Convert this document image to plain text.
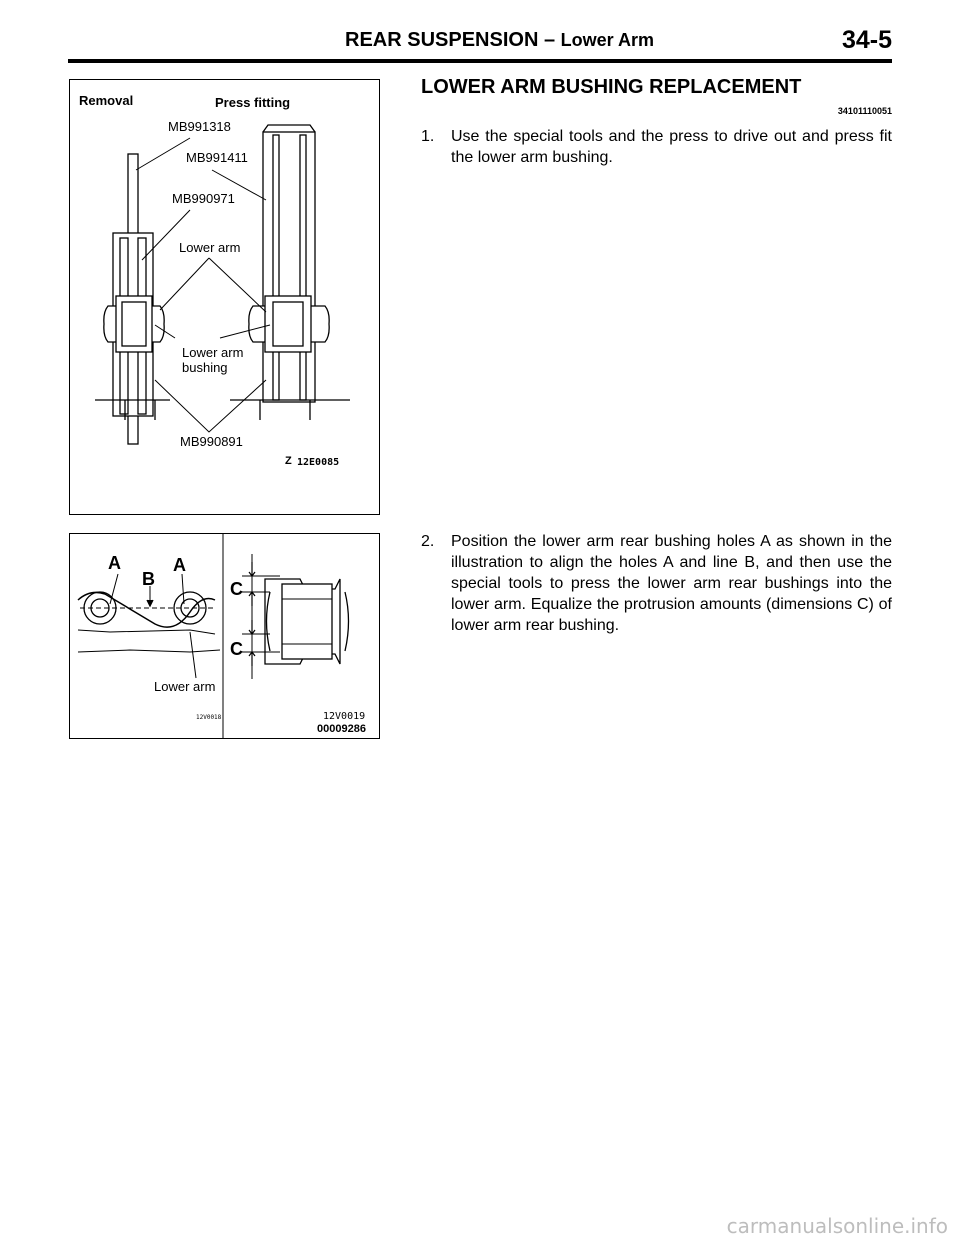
REAR SUSPENSION – Lower Arm	34-5
Removal	Press fitting
MB991318
MB991411
MB990971
Lower arm
Lower arm
bushing
MB990891
Z 12E0085
LOWER ARM BUSHING REPLACEMENT
34101110051
1. Use the special tools and the press to drive out and press fit the lower arm bushing.
2. Position the lower arm rear bushing holes A as shown in the illustration to align the holes A and line B, and then use the special tools to press the lower arm rear bushings into the lower arm. Equalize the protrusion amounts (dimensions C) of lower arm rear bushing.
A
B
A
C
C
Lower arm
12V0018	12V0019
00009286
carmanualsonline.info
